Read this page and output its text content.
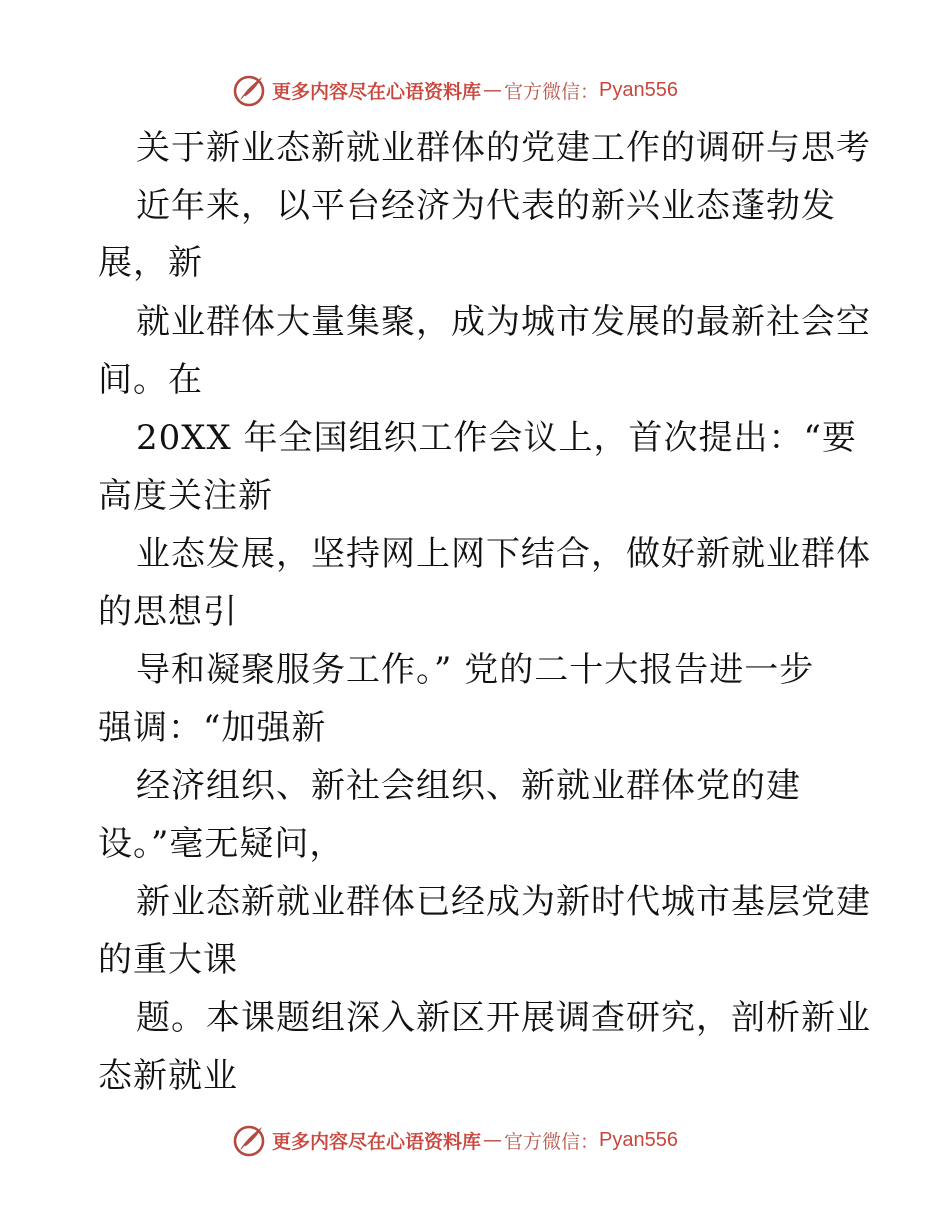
更多内容尽在心语资料库 — 官方微信： Pyan556
关于新业态新就业群体的党建工作的调研与思考
近年来，以平台经济为代表的新兴业态蓬勃发
展，新
就业群体大量集聚，成为城市发展的最新社会空
间。在
20XX 年全国组织工作会议上，首次提出：“要
高度关注新
业态发展，坚持网上网下结合，做好新就业群体
的思想引
导和凝聚服务工作。” 党的二十大报告进一步
强调：“加强新
经济组织、新社会组织、新就业群体党的建
设。”毫无疑问，
新业态新就业群体已经成为新时代城市基层党建
的重大课
题。本课题组深入新区开展调查研究，剖析新业
态新就业
更多内容尽在心语资料库 — 官方微信： Pyan556
